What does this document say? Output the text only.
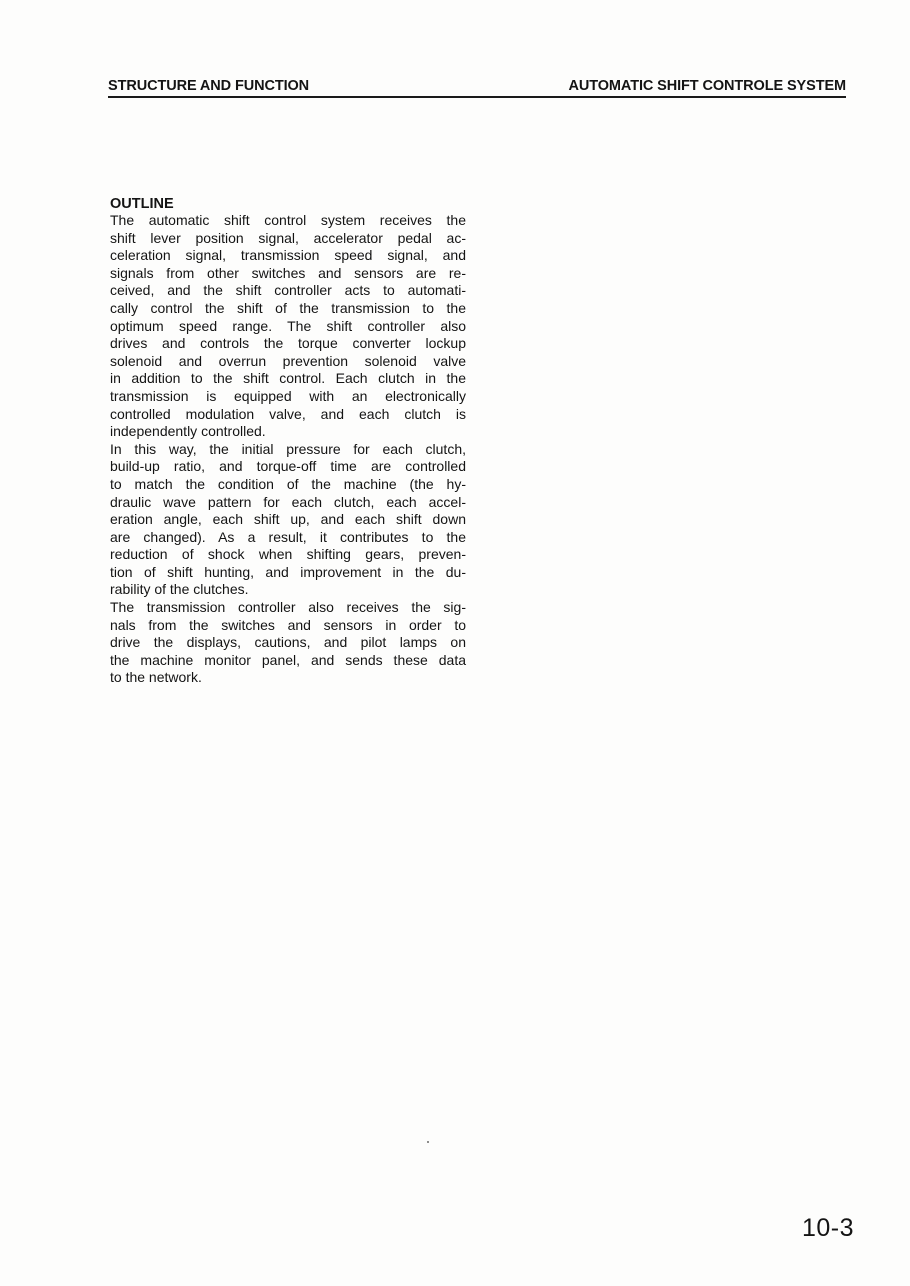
STRUCTURE AND FUNCTION	AUTOMATIC SHIFT CONTROLE SYSTEM
OUTLINE
The automatic shift control system receives the
shift lever position signal, accelerator pedal ac-
celeration signal, transmission speed signal, and
signals from other switches and sensors are re-
ceived, and the shift controller acts to automati-
cally control the shift of the transmission to the
optimum speed range. The shift controller also
drives and controls the torque converter lockup
solenoid and overrun prevention solenoid valve
in addition to the shift control. Each clutch in the
transmission is equipped with an electronically
controlled modulation valve, and each clutch is
independently controlled.
In this way, the initial pressure for each clutch,
build-up ratio, and torque-off time are controlled
to match the condition of the machine (the hy-
draulic wave pattern for each clutch, each accel-
eration angle, each shift up, and each shift down
are changed). As a result, it contributes to the
reduction of shock when shifting gears, preven-
tion of shift hunting, and improvement in the du-
rability of the clutches.
The transmission controller also receives the sig-
nals from the switches and sensors in order to
drive the displays, cautions, and pilot lamps on
the machine monitor panel, and sends these data
to the network.
10-3
